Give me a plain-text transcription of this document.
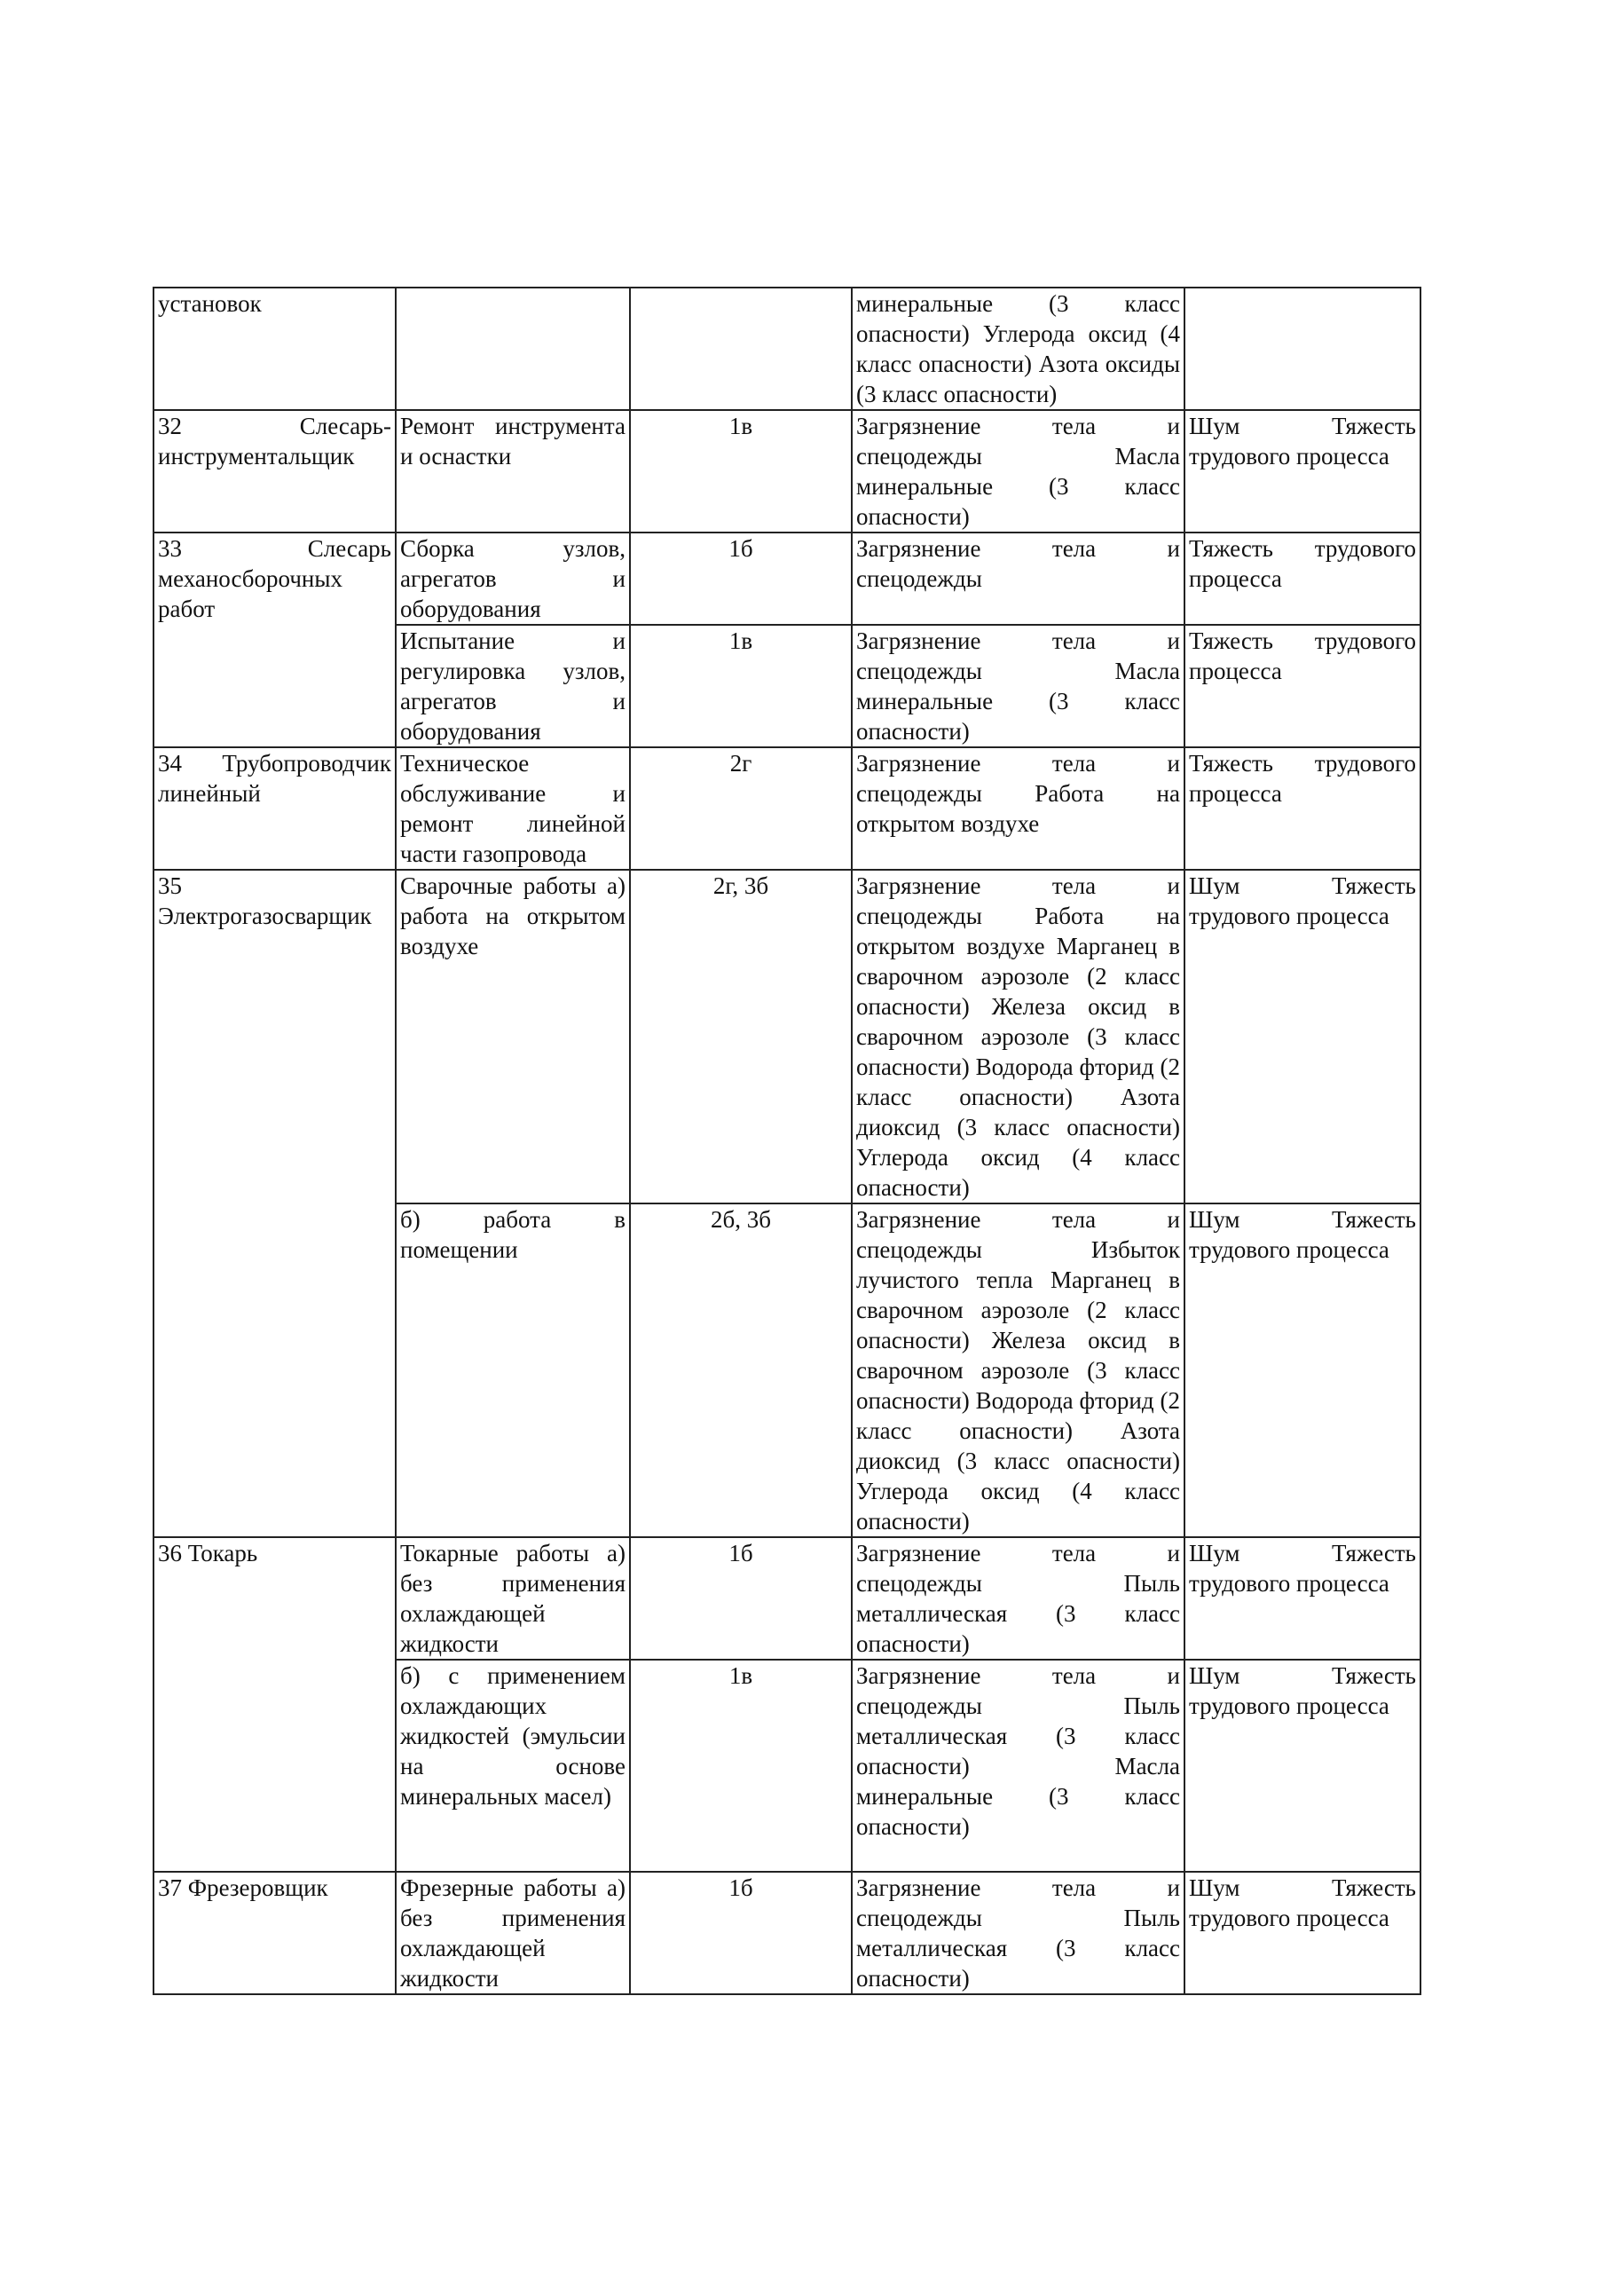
установок			минеральные (3 класс опасности) Углерода оксид (4 класс опасности) Азота оксиды (3 класс опасности)	
32 Слесарь-инструментальщик	Ремонт инструмента и оснастки	1в	Загрязнение тела и спецодежды Масла минеральные (3 класс опасности)	Шум Тяжесть трудового процесса
33 Слесарь механосборочных работ	Сборка узлов, агрегатов и оборудования	1б	Загрязнение тела и спецодежды	Тяжесть трудового процесса
	Испытание и регулировка узлов, агрегатов и оборудования	1в	Загрязнение тела и спецодежды Масла минеральные (3 класс опасности)	Тяжесть трудового процесса
34 Трубопроводчик линейный	Техническое обслуживание и ремонт линейной части газопровода	2г	Загрязнение тела и спецодежды Работа на открытом воздухе	Тяжесть трудового процесса
35 Электрогазосварщик	Сварочные работы а) работа на открытом воздухе	2г, 3б	Загрязнение тела и спецодежды Работа на открытом воздухе Марганец в сварочном аэрозоле (2 класс опасности) Железа оксид в сварочном аэрозоле (3 класс опасности) Водорода фторид (2 класс опасности) Азота диоксид (3 класс опасности) Углерода оксид (4 класс опасности)	Шум Тяжесть трудового процесса
	б) работа в помещении	2б, 3б	Загрязнение тела и спецодежды Избыток лучистого тепла Марганец в сварочном аэрозоле (2 класс опасности) Железа оксид в сварочном аэрозоле (3 класс опасности) Водорода фторид (2 класс опасности) Азота диоксид (3 класс опасности) Углерода оксид (4 класс опасности)	Шум Тяжесть трудового процесса
36 Токарь	Токарные работы а) без применения охлаждающей жидкости	1б	Загрязнение тела и спецодежды Пыль металлическая (3 класс опасности)	Шум Тяжесть трудового процесса
	б) с применением охлаждающих жидкостей (эмульсии на основе минеральных масел)	1в	Загрязнение тела и спецодежды Пыль металлическая (3 класс опасности) Масла минеральные (3 класс опасности)	Шум Тяжесть трудового процесса
37 Фрезеровщик	Фрезерные работы а) без применения охлаждающей жидкости	1б	Загрязнение тела и спецодежды Пыль металлическая (3 класс опасности)	Шум Тяжесть трудового процесса
